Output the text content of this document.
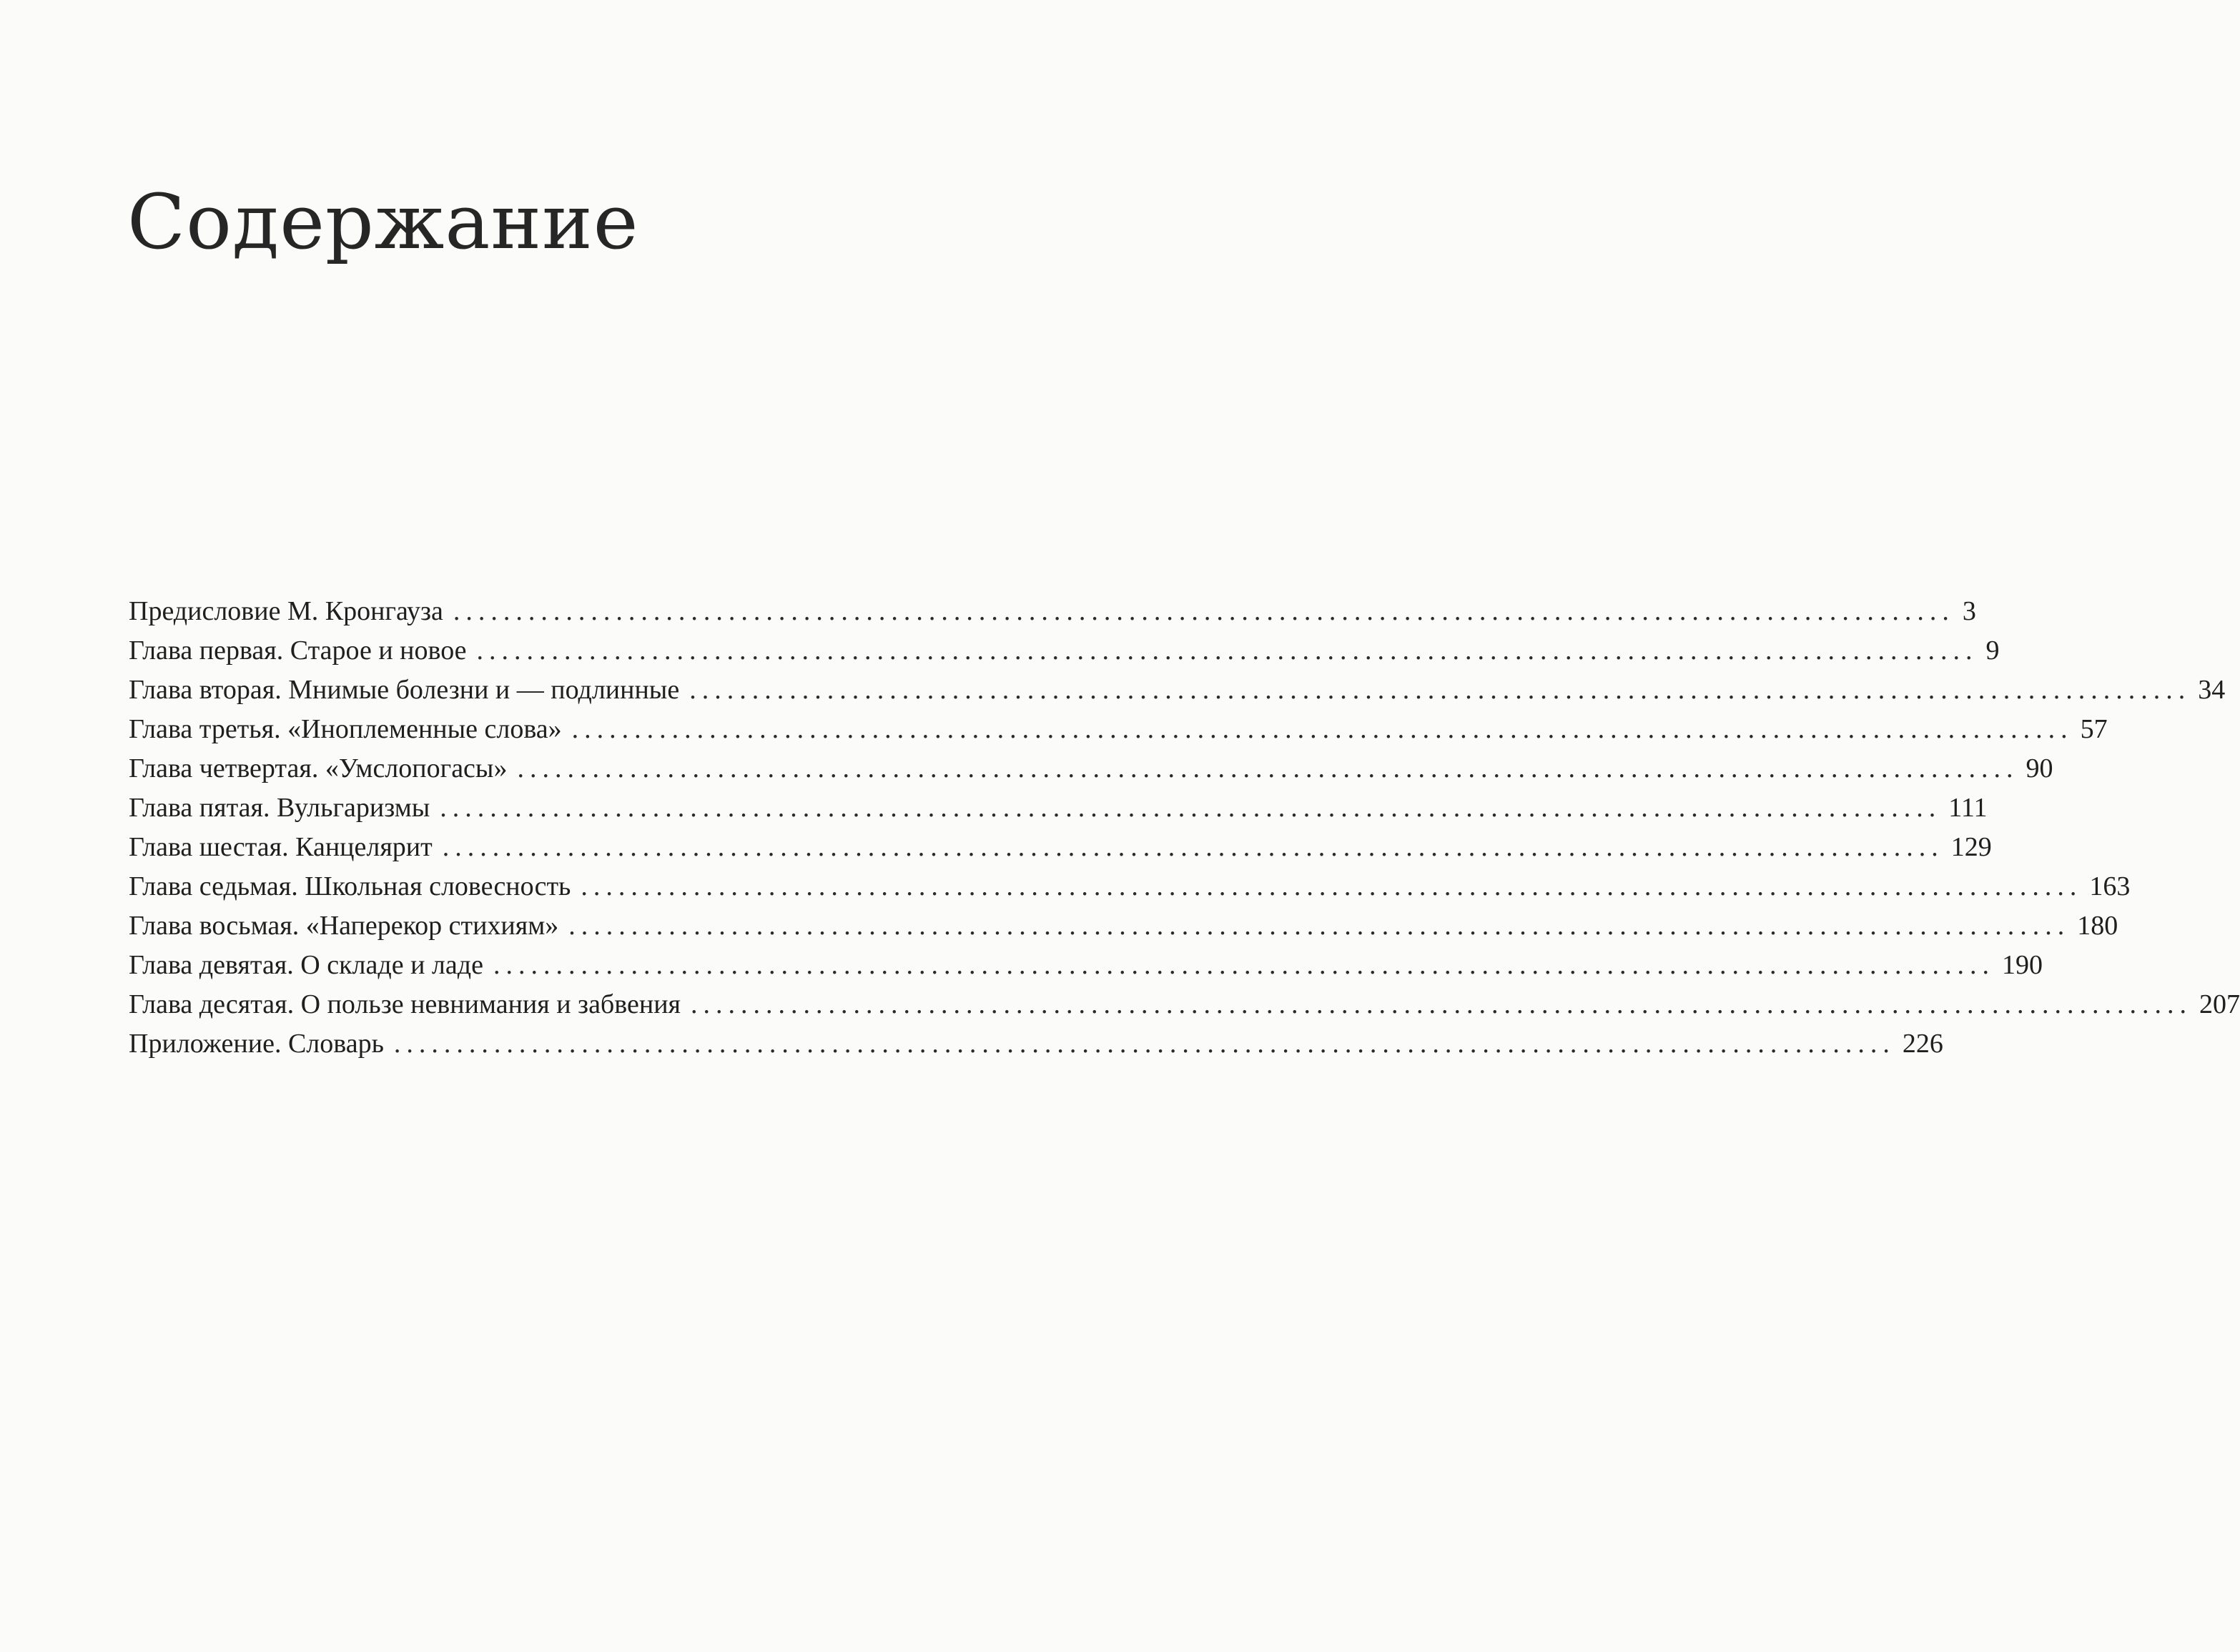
Содержание
Предисловие М. Кронгауза ........................................................................................................................ 3
Глава первая. Старое и новое ........................................................................................................................ 9
Глава вторая. Мнимые болезни и — подлинные ........................................................................................................................ 34
Глава третья. «Иноплеменные слова» ........................................................................................................................ 57
Глава четвертая. «Умслопогасы» ........................................................................................................................ 90
Глава пятая. Вульгаризмы ........................................................................................................................ 111
Глава шестая. Канцелярит ........................................................................................................................ 129
Глава седьмая. Школьная словесность ........................................................................................................................ 163
Глава восьмая. «Наперекор стихиям» ........................................................................................................................ 180
Глава девятая. О складе и ладе ........................................................................................................................ 190
Глава десятая. О пользе невнимания и забвения ........................................................................................................................ 207
Приложение. Словарь ........................................................................................................................ 226
